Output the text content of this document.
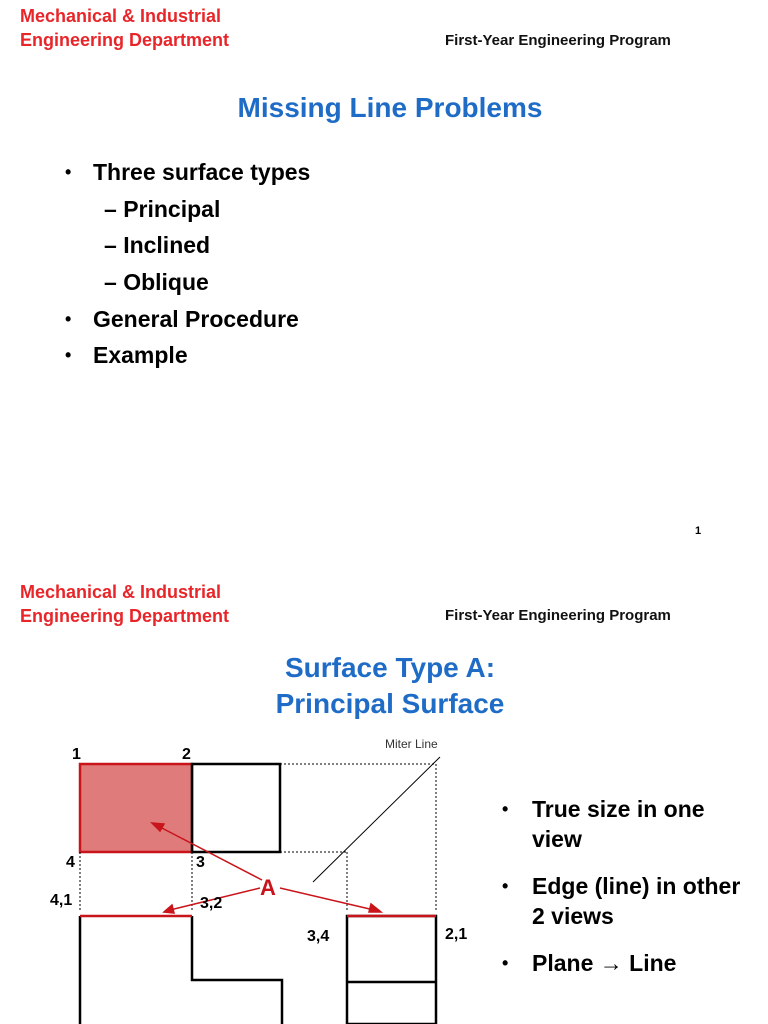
Mechanical & Industrial
Engineering Department	First-Year Engineering Program
Missing Line Problems
• Three surface types
– Principal
– Inclined
– Oblique
• General Procedure
• Example
1
Mechanical & Industrial
Engineering Department	First-Year Engineering Program
Surface Type A:
Principal Surface
Miter Line
1	2
4	3
4,1	3,2
3,4	2,1
A
• True size in one view
• Edge (line) in other 2 views
• Plane → Line
